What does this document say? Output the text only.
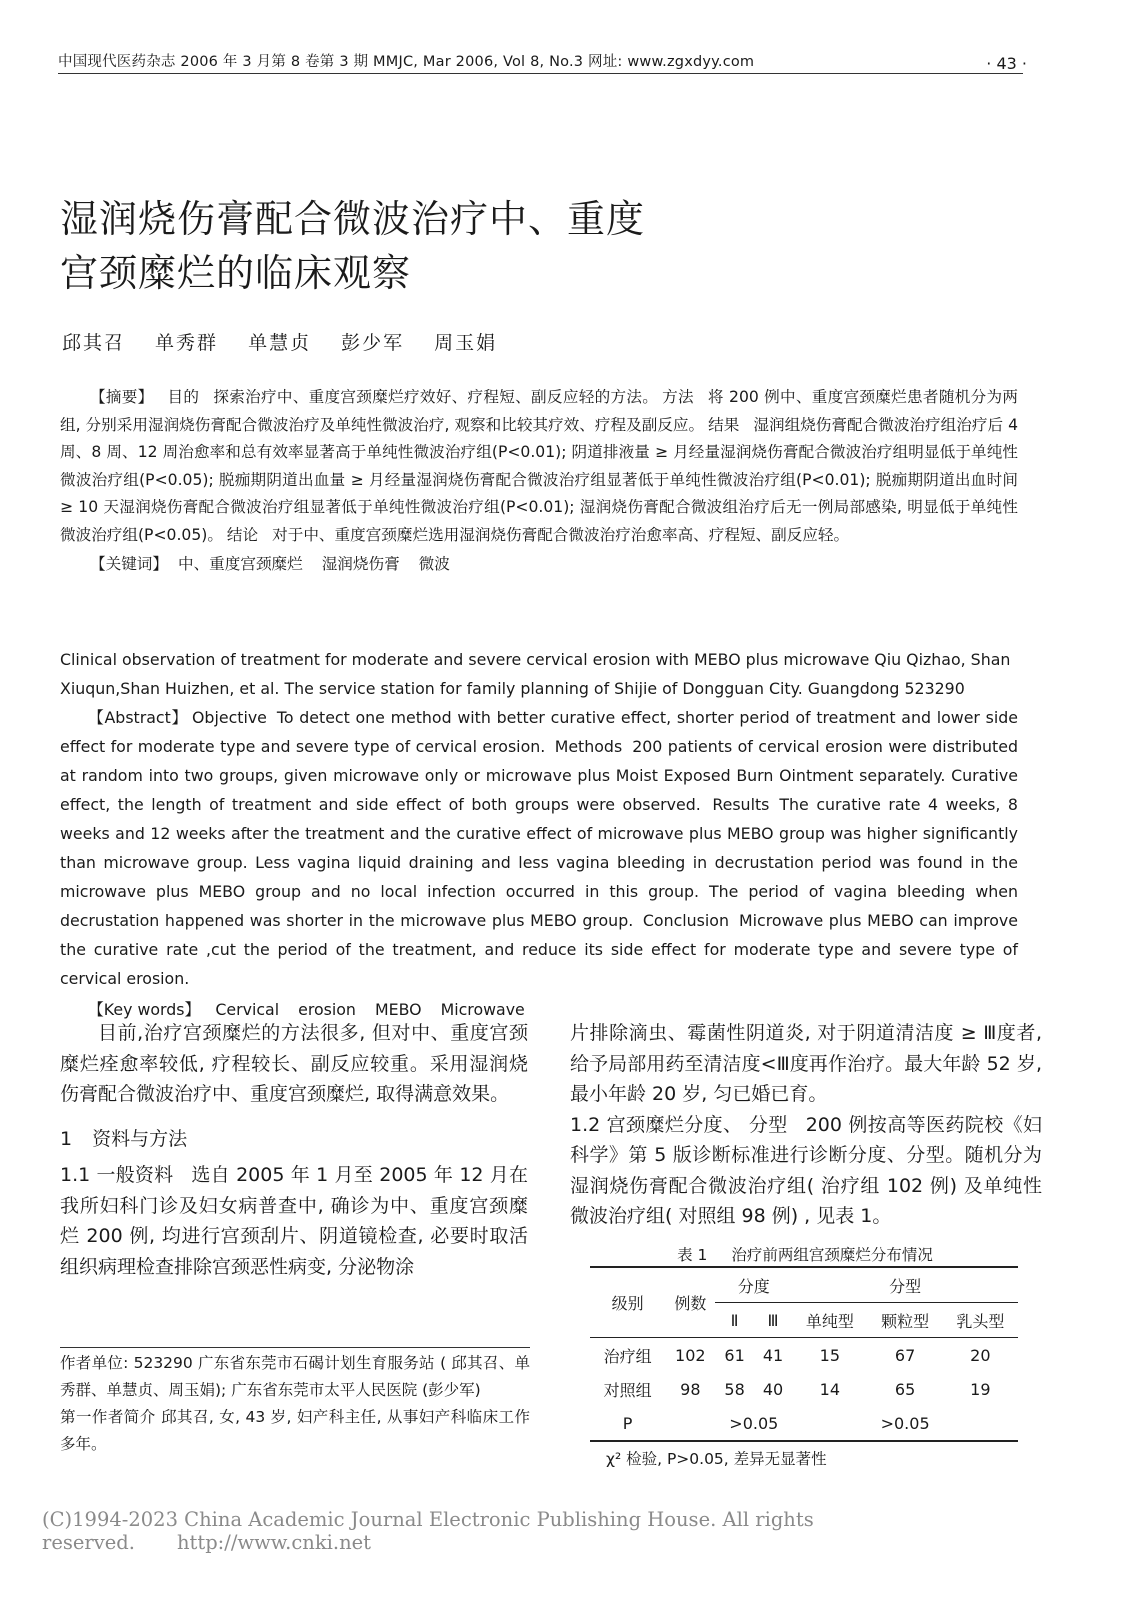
中国现代医药杂志 2006 年 3 月第 8 卷第 3 期 MMJC, Mar 2006, Vol 8, No.3 网址: www.zgxdyy.com	· 43 ·
湿润烧伤膏配合微波治疗中、重度
宫颈糜烂的临床观察
邱其召 单秀群 单慧贞 彭少军 周玉娟

【摘要】 目的 探索治疗中、重度宫颈糜烂疗效好、疗程短、副反应轻的方法。 方法 将 200 例中、重度宫颈糜烂患者随机分为两组, 分别采用湿润烧伤膏配合微波治疗及单纯性微波治疗, 观察和比较其疗效、疗程及副反应。 结果 湿润组烧伤膏配合微波治疗组治疗后 4 周、8 周、12 周治愈率和总有效率显著高于单纯性微波治疗组(P<0.01); 阴道排液量 ≥ 月经量湿润烧伤膏配合微波治疗组明显低于单纯性微波治疗组(P<0.05); 脱痂期阴道出血量 ≥ 月经量湿润烧伤膏配合微波治疗组显著低于单纯性微波治疗组(P<0.01); 脱痂期阴道出血时间 ≥ 10 天湿润烧伤膏配合微波治疗组显著低于单纯性微波治疗组(P<0.01); 湿润烧伤膏配合微波组治疗后无一例局部感染, 明显低于单纯性微波治疗组(P<0.05)。 结论 对于中、重度宫颈糜烂选用湿润烧伤膏配合微波治疗治愈率高、疗程短、副反应轻。

【关键词】 中、重度宫颈糜烂 湿润烧伤膏 微波

Clinical observation of treatment for moderate and severe cervical erosion with MEBO plus microwave Qiu Qizhao, Shan Xiuqun,Shan Huizhen, et al. The service station for family planning of Shijie of Dongguan City. Guangdong 523290

【Abstract】 Objective To detect one method with better curative effect, shorter period of treatment and lower side effect for moderate type and severe type of cervical erosion. Methods 200 patients of cervical erosion were distributed at random into two groups, given microwave only or microwave plus Moist Exposed Burn Ointment separately. Curative effect, the length of treatment and side effect of both groups were observed. Results The curative rate 4 weeks, 8 weeks and 12 weeks after the treatment and the curative effect of microwave plus MEBO group was higher significantly than microwave group. Less vagina liquid draining and less vagina bleeding in decrustation period was found in the microwave plus MEBO group and no local infection occurred in this group. The period of vagina bleeding when decrustation happened was shorter in the microwave plus MEBO group. Conclusion Microwave plus MEBO can improve the curative rate ,cut the period of the treatment, and reduce its side effect for moderate type and severe type of cervical erosion.

【Key words】 Cervical erosion MEBO Microwave

目前,治疗宫颈糜烂的方法很多, 但对中、重度宫颈糜烂痊愈率较低, 疗程较长、副反应较重。采用湿润烧伤膏配合微波治疗中、重度宫颈糜烂, 取得满意效果。

1 资料与方法

1.1 一般资料 选自 2005 年 1 月至 2005 年 12 月在我所妇科门诊及妇女病普查中, 确诊为中、重度宫颈糜烂 200 例, 均进行宫颈刮片、阴道镜检查, 必要时取活组织病理检查排除宫颈恶性病变, 分泌物涂

作者单位: 523290 广东省东莞市石碣计划生育服务站 ( 邱其召、单秀群、单慧贞、周玉娟); 广东省东莞市太平人民医院 (彭少军)

第一作者简介 邱其召, 女, 43 岁, 妇产科主任, 从事妇产科临床工作多年。

片排除滴虫、霉菌性阴道炎, 对于阴道清洁度 ≥ Ⅲ度者, 给予局部用药至清洁度<Ⅲ度再作治疗。最大年龄 52 岁, 最小年龄 20 岁, 匀已婚已育。

1.2 宫颈糜烂分度、 分型 200 例按高等医药院校《妇科学》第 5 版诊断标准进行诊断分度、分型。随机分为湿润烧伤膏配合微波治疗组( 治疗组 102 例) 及单纯性微波治疗组( 对照组 98 例) , 见表 1。

表 1 治疗前两组宫颈糜烂分布情况
级别	例数	分度		分型		
		Ⅱ	Ⅲ	单纯型	颗粒型	乳头型
治疗组	102	61	41	15	67	20
对照组	98	58	40	14	65	19
P		>0.05		>0.05		
χ² 检验, P>0.05, 差异无显著性
(C)1994-2023 China Academic Journal Electronic Publishing House. All rights reserved. http://www.cnki.net
